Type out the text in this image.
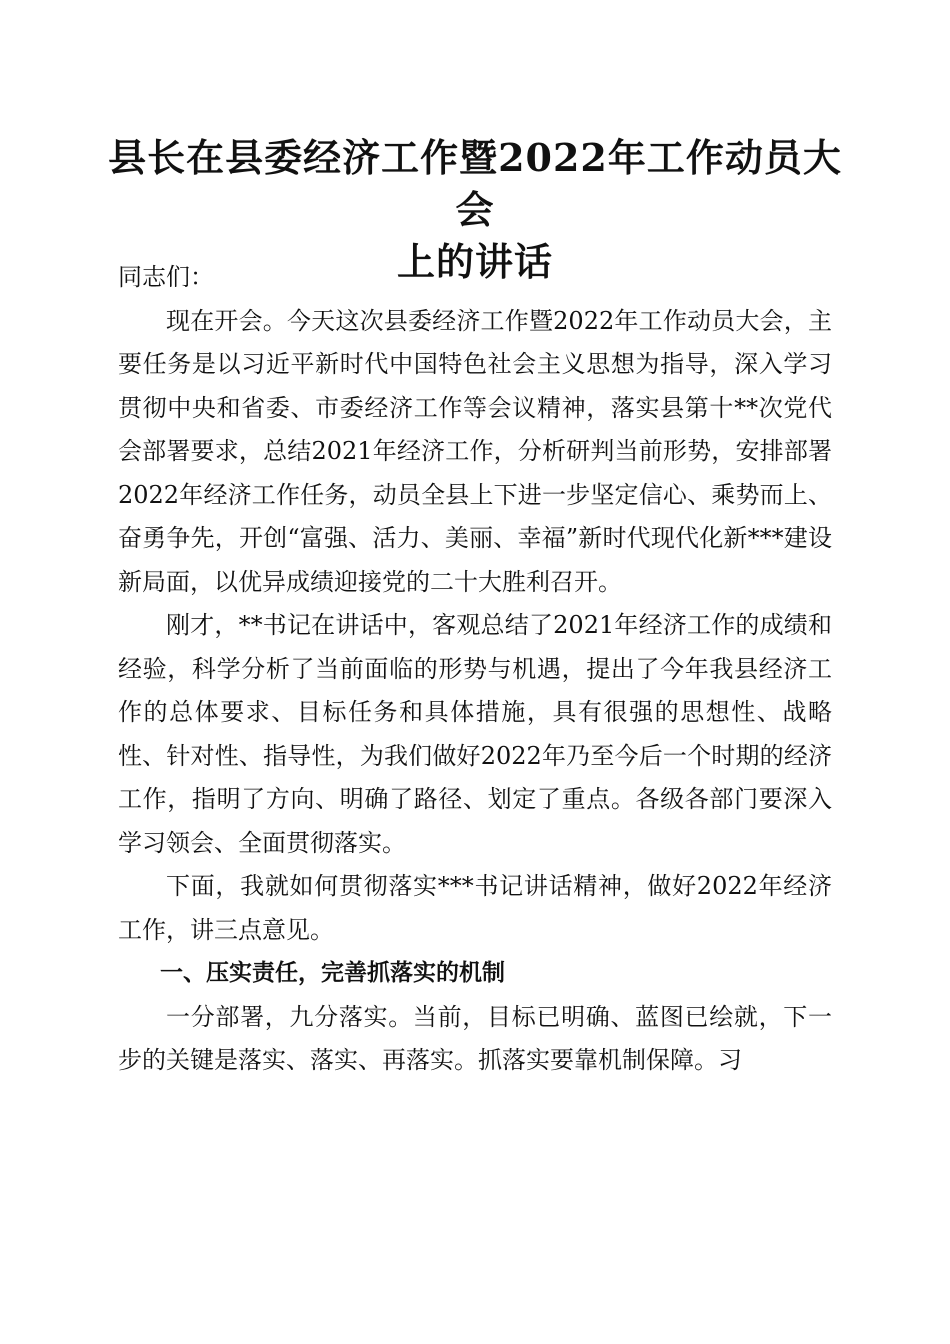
县长在县委经济工作暨2022年工作动员大会
上的讲话

同志们：

现在开会。今天这次县委经济工作暨2022年工作动员大会，主要任务是以习近平新时代中国特色社会主义思想为指导，深入学习贯彻中央和省委、市委经济工作等会议精神，落实县第十**次党代会部署要求，总结2021年经济工作，分析研判当前形势，安排部署2022年经济工作任务，动员全县上下进一步坚定信心、乘势而上、奋勇争先，开创“富强、活力、美丽、幸福”新时代现代化新***建设新局面，以优异成绩迎接党的二十大胜利召开。

刚才，**书记在讲话中，客观总结了2021年经济工作的成绩和经验，科学分析了当前面临的形势与机遇，提出了今年我县经济工作的总体要求、目标任务和具体措施，具有很强的思想性、战略性、针对性、指导性，为我们做好2022年乃至今后一个时期的经济工作，指明了方向、明确了路径、划定了重点。各级各部门要深入学习领会、全面贯彻落实。

下面，我就如何贯彻落实***书记讲话精神，做好2022年经济工作，讲三点意见。

一、压实责任，完善抓落实的机制

一分部署，九分落实。当前，目标已明确、蓝图已绘就，下一步的关键是落实、落实、再落实。抓落实要靠机制保障。习
